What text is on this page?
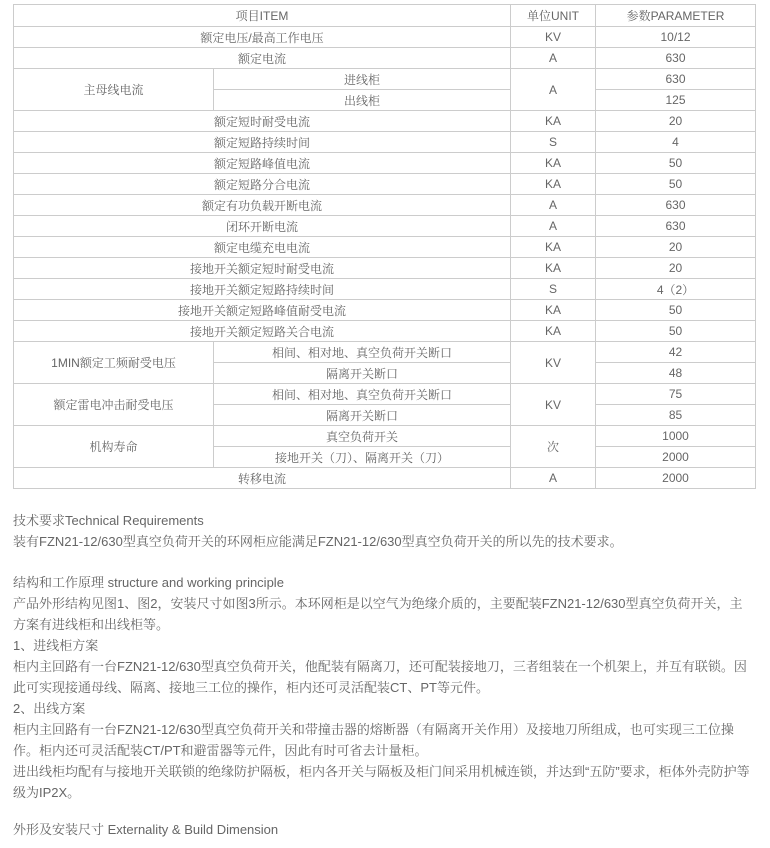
项目ITEM		单位UNIT	参数PARAMETER
额定电压/最高工作电压		KV	10/12
额定电流		A	630
主母线电流	进线柜	A	630
	出线柜		125
额定短时耐受电流		KA	20
额定短路持续时间		S	4
额定短路峰值电流		KA	50
额定短路分合电流		KA	50
额定有功负载开断电流		A	630
闭环开断电流		A	630
额定电缆充电电流		KA	20
接地开关额定短时耐受电流		KA	20
接地开关额定短路持续时间		S	4（2）
接地开关额定短路峰值耐受电流		KA	50
接地开关额定短路关合电流		KA	50
1MIN额定工频耐受电压	相间、相对地、真空负荷开关断口	KV	42
	隔离开关断口		48
额定雷电冲击耐受电压	相间、相对地、真空负荷开关断口	KV	75
	隔离开关断口		85
机构寿命	真空负荷开关	次	1000
	接地开关（刀）、隔离开关（刀）		2000
转移电流		A	2000
技术要求Technical Requirements
装有FZN21-12/630型真空负荷开关的环网柜应能满足FZN21-12/630型真空负荷开关的所以先的技术要求。
结构和工作原理 structure and working principle
产品外形结构见图1、图2，安装尺寸如图3所示。本环网柜是以空气为绝缘介质的，主要配装FZN21-12/630型真空负荷开关，主方案有进线柜和出线柜等。
1、进线柜方案
柜内主回路有一台FZN21-12/630型真空负荷开关，他配装有隔离刀，还可配装接地刀，三者组装在一个机架上，并互有联锁。因此可实现接通母线、隔离、接地三工位的操作，柜内还可灵活配装CT、PT等元件。
2、出线方案
柜内主回路有一台FZN21-12/630型真空负荷开关和带撞击器的熔断器（有隔离开关作用）及接地刀所组成，也可实现三工位操作。柜内还可灵活配装CT/PT和避雷器等元件，因此有时可省去计量柜。
进出线柜均配有与接地开关联锁的绝缘防护隔板，柜内各开关与隔板及柜门间采用机械连锁，并达到“五防”要求，柜体外壳防护等级为IP2X。
外形及安装尺寸 Externality & Build Dimension
